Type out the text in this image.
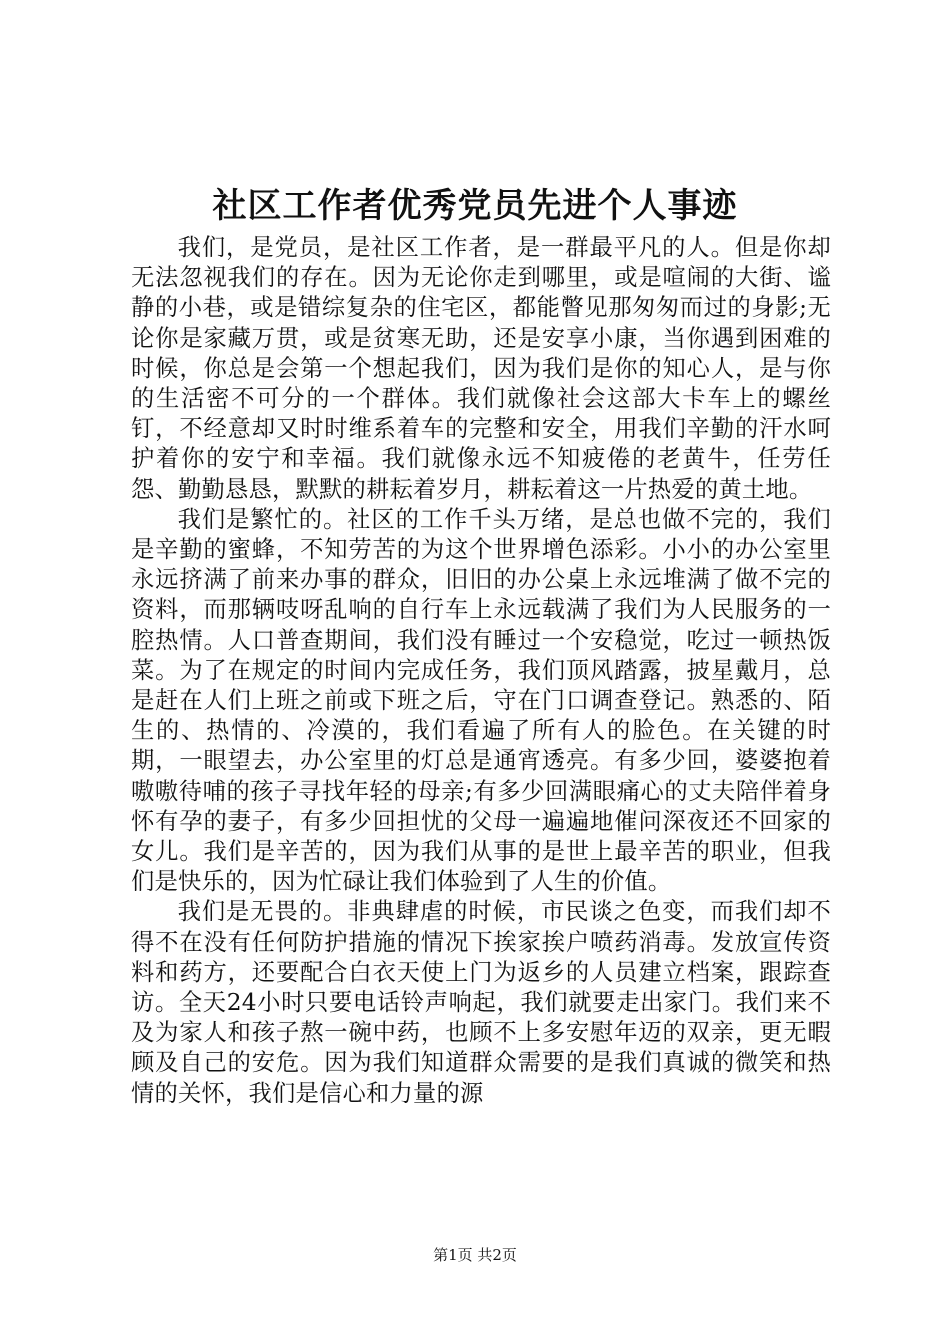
社区工作者优秀党员先进个人事迹

我们，是党员，是社区工作者，是一群最平凡的人。但是你却无法忽视我们的存在。因为无论你走到哪里，或是喧闹的大街、谧静的小巷，或是错综复杂的住宅区，都能瞥见那匆匆而过的身影;无论你是家藏万贯，或是贫寒无助，还是安享小康，当你遇到困难的时候，你总是会第一个想起我们，因为我们是你的知心人，是与你的生活密不可分的一个群体。我们就像社会这部大卡车上的螺丝钉，不经意却又时时维系着车的完整和安全，用我们辛勤的汗水呵护着你的安宁和幸福。我们就像永远不知疲倦的老黄牛，任劳任怨、勤勤恳恳，默默的耕耘着岁月，耕耘着这一片热爱的黄土地。

我们是繁忙的。社区的工作千头万绪，是总也做不完的，我们是辛勤的蜜蜂，不知劳苦的为这个世界增色添彩。小小的办公室里永远挤满了前来办事的群众，旧旧的办公桌上永远堆满了做不完的资料，而那辆吱呀乱响的自行车上永远载满了我们为人民服务的一腔热情。人口普查期间，我们没有睡过一个安稳觉，吃过一顿热饭菜。为了在规定的时间内完成任务，我们顶风踏露，披星戴月，总是赶在人们上班之前或下班之后，守在门口调查登记。熟悉的、陌生的、热情的、冷漠的，我们看遍了所有人的脸色。在关键的时期，一眼望去，办公室里的灯总是通宵透亮。有多少回，婆婆抱着嗷嗷待哺的孩子寻找年轻的母亲;有多少回满眼痛心的丈夫陪伴着身怀有孕的妻子，有多少回担忧的父母一遍遍地催问深夜还不回家的女儿。我们是辛苦的，因为我们从事的是世上最辛苦的职业，但我们是快乐的，因为忙碌让我们体验到了人生的价值。

我们是无畏的。非典肆虐的时候，市民谈之色变，而我们却不得不在没有任何防护措施的情况下挨家挨户喷药消毒。发放宣传资料和药方，还要配合白衣天使上门为返乡的人员建立档案，跟踪查访。全天24小时只要电话铃声响起，我们就要走出家门。我们来不及为家人和孩子熬一碗中药，也顾不上多安慰年迈的双亲，更无暇顾及自己的安危。因为我们知道群众需要的是我们真诚的微笑和热情的关怀，我们是信心和力量的源

第1页 共2页
